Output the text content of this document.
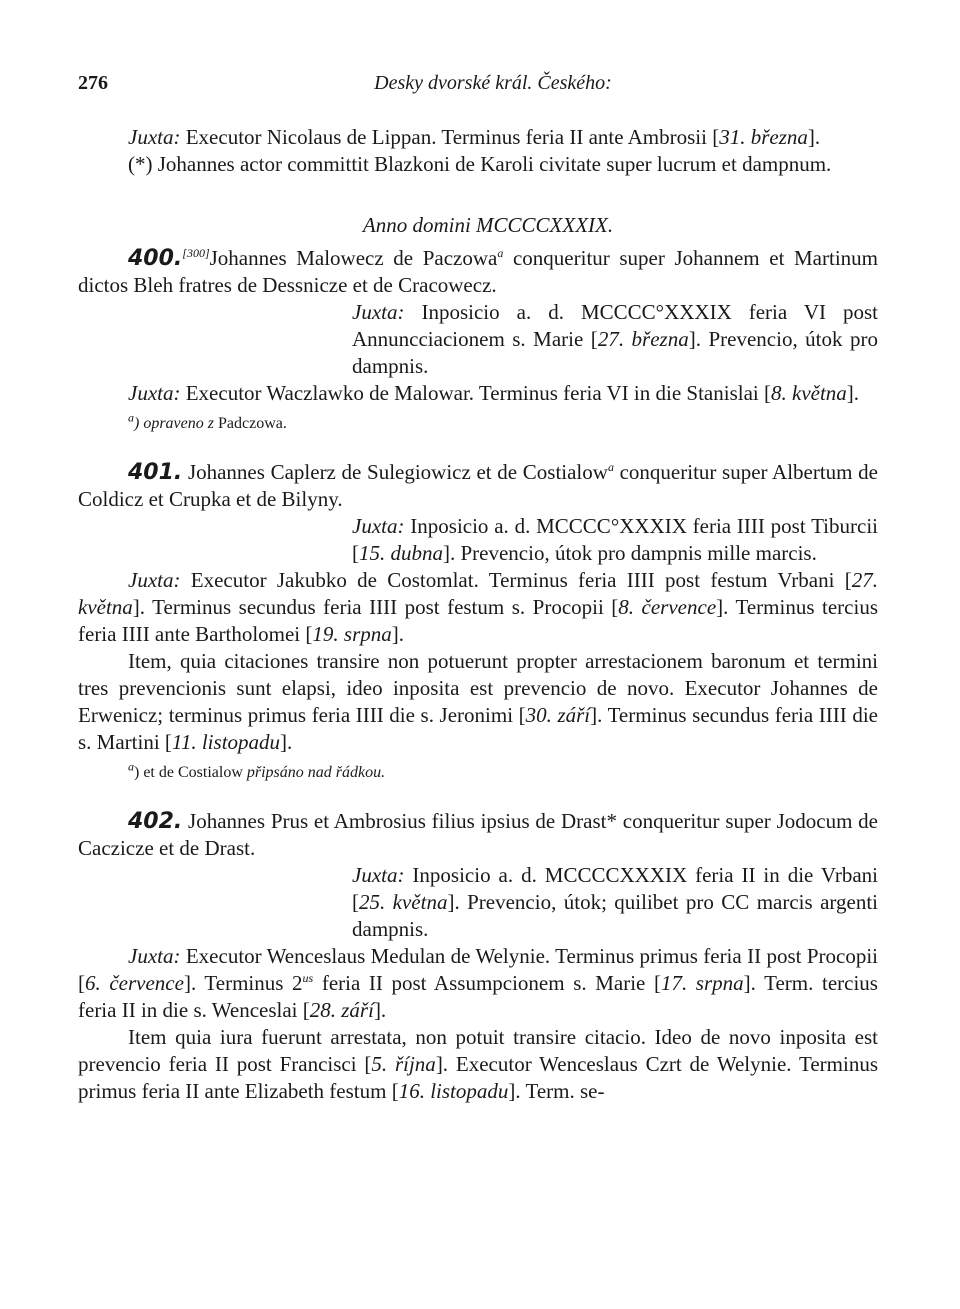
276	Desky dvorské král. Českého:

Juxta: Executor Nicolaus de Lippan. Terminus feria II ante Ambrosii [31. března].

(*) Johannes actor committit Blazkoni de Karoli civitate super lucrum et dampnum.

Anno domini MCCCCXXXIX.

400.[300]Johannes Malowecz de Paczowa$^a$ conqueritur super Johannem et Martinum dictos Bleh fratres de Dessnicze et de Cracowecz.

Juxta: Inposicio a. d. MCCCC°XXXIX feria VI post Annuncciacionem s. Marie [27. března]. Prevencio, útok pro dampnis.

Juxta: Executor Waczlawko de Malowar. Terminus feria VI in die Stanislai [8. května].

$^a$) opraveno z Padczowa.

401. Johannes Caplerz de Sulegiowicz et de Costialow$^a$ conqueritur super Albertum de Coldicz et Crupka et de Bilyny.

Juxta: Inposicio a. d. MCCCC°XXXIX feria IIII post Tiburcii [15. dubna]. Prevencio, útok pro dampnis mille marcis.

Juxta: Executor Jakubko de Costomlat. Terminus feria IIII post festum Vrbani [27. května]. Terminus secundus feria IIII post festum s. Procopii [8. července]. Terminus tercius feria IIII ante Bartholomei [19. srpna].

Item, quia citaciones transire non potuerunt propter arrestacionem baronum et termini tres prevencionis sunt elapsi, ideo inposita est prevencio de novo. Executor Johannes de Erwenicz; terminus primus feria IIII die s. Jeronimi [30. září]. Terminus secundus feria IIII die s. Martini [11. listopadu].

$^a$) et de Costialow připsáno nad řádkou.

402. Johannes Prus et Ambrosius filius ipsius de Drast* conqueritur super Jodocum de Caczicze et de Drast.

Juxta: Inposicio a. d. MCCCCXXXIX feria II in die Vrbani [25. května]. Prevencio, útok; quilibet pro CC marcis argenti dampnis.

Juxta: Executor Wenceslaus Medulan de Welynie. Terminus primus feria II post Procopii [6. července]. Terminus $2^{us}$ feria II post Assumpcionem s. Marie [17. srpna]. Term. tercius feria II in die s. Wenceslai [28. září].

Item quia iura fuerunt arrestata, non potuit transire citacio. Ideo de novo inposita est prevencio feria II post Francisci [5. října]. Executor Wenceslaus Czrt de Welynie. Terminus primus feria II ante Elizabeth festum [16. listopadu]. Term. se-
